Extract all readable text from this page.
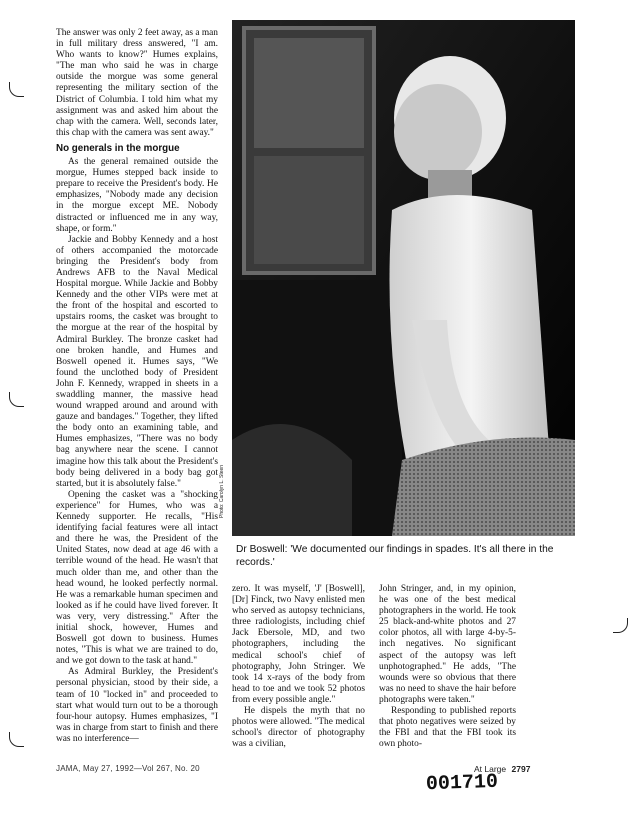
The answer was only 2 feet away, as a man in full military dress answered, "I am. Who wants to know?" Humes explains, "The man who said he was in charge outside the morgue was some general representing the military section of the District of Columbia. I told him what my assignment was and asked him about the chap with the camera. Well, seconds later, this chap with the camera was sent away."

No generals in the morgue

As the general remained outside the morgue, Humes stepped back inside to prepare to receive the President's body. He emphasizes, "Nobody made any decision in the morgue except ME. Nobody distracted or influenced me in any way, shape, or form."

Jackie and Bobby Kennedy and a host of others accompanied the motorcade bringing the President's body from Andrews AFB to the Naval Medical Hospital morgue. While Jackie and Bobby Kennedy and the other VIPs were met at the front of the hospital and escorted to upstairs rooms, the casket was brought to the morgue at the rear of the hospital by Admiral Burkley. The bronze casket had one broken handle, and Humes and Boswell opened it. Humes says, "We found the unclothed body of President John F. Kennedy, wrapped in sheets in a swaddling manner, the massive head wound wrapped around and around with gauze and bandages." Together, they lifted the body onto an examining table, and Humes emphasizes, "There was no body bag anywhere near the scene. I cannot imagine how this talk about the President's body being delivered in a body bag got started, but it is absolutely false."

Opening the casket was a "shocking experience" for Humes, who was a Kennedy supporter. He recalls, "His identifying facial features were all intact and there he was, the President of the United States, now dead at age 46 with a terrible wound of the head. He wasn't that much older than me, and other than the head wound, he looked perfectly normal. He was a remarkable human specimen and looked as if he could have lived forever. It was very, very distressing." After the initial shock, however, Humes and Boswell got down to business. Humes notes, "This is what we are trained to do, and we got down to the task at hand."

As Admiral Burkley, the President's personal physician, stood by their side, a team of 10 "locked in" and proceeded to start what would turn out to be a thorough four-hour autopsy. Humes emphasizes, "I was in charge from start to finish and there was no interference—

Photo: Carolyn L. Steen
Dr Boswell: 'We documented our findings in spades. It's all there in the records.'

zero. It was myself, 'J' [Boswell], [Dr] Finck, two Navy enlisted men who served as autopsy technicians, three radiologists, including chief Jack Ebersole, MD, and two photographers, including the medical school's chief of photography, John Stringer. We took 14 x-rays of the body from head to toe and we took 52 photos from every possible angle."

He dispels the myth that no photos were allowed. "The medical school's director of photography was a civilian,

John Stringer, and, in my opinion, he was one of the best medical photographers in the world. He took 25 black-and-white photos and 27 color photos, all with large 4-by-5-inch negatives. No significant aspect of the autopsy was left unphotographed." He adds, "The wounds were so obvious that there was no need to shave the hair before photographs were taken."

Responding to published reports that photo negatives were seized by the FBI and that the FBI took its own photo-

JAMA, May 27, 1992—Vol 267, No. 20	At Large 2797
001710
